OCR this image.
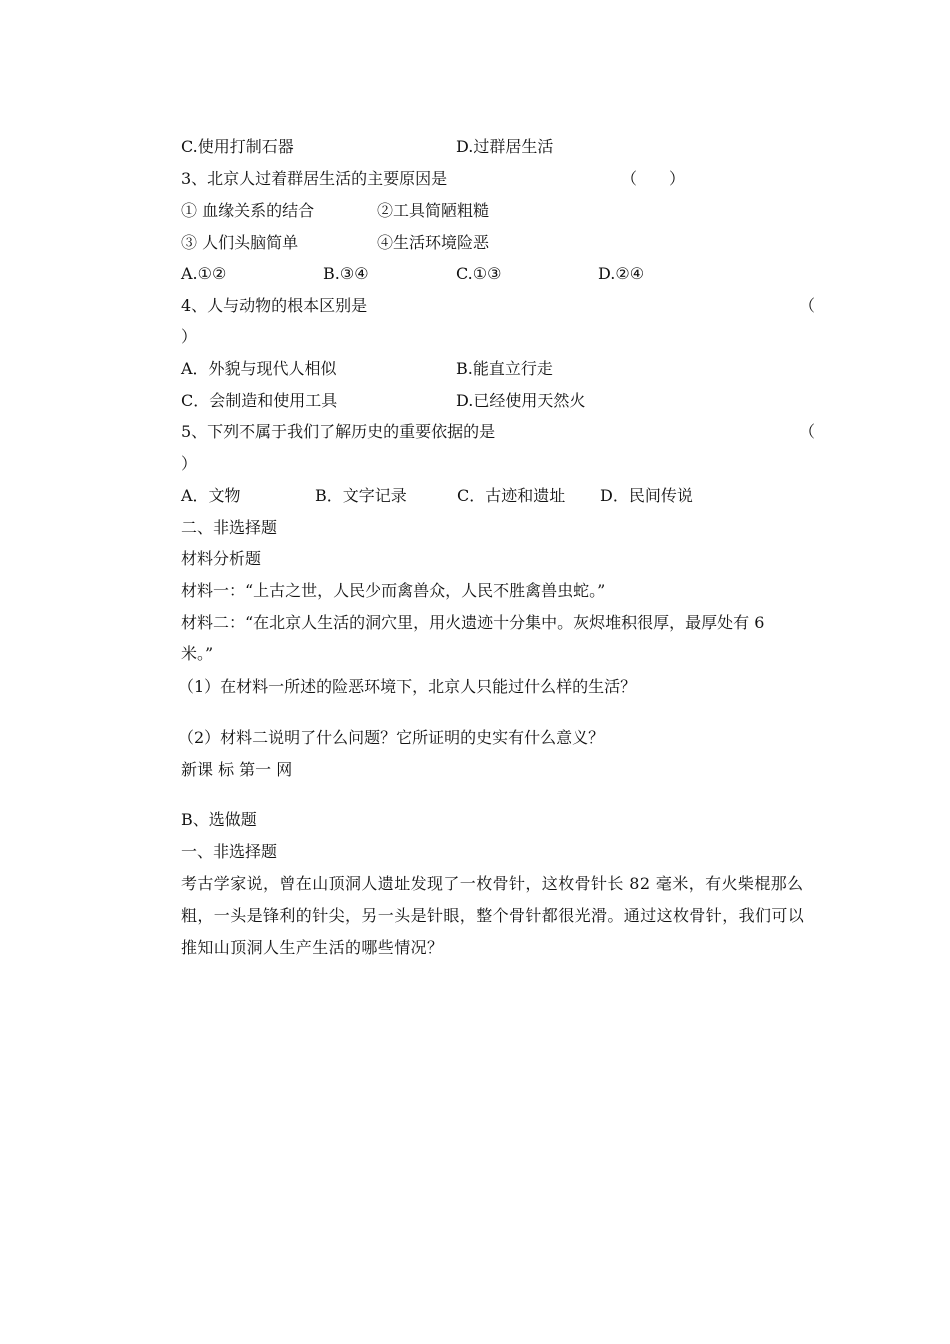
C.使用打制石器	D.过群居生活
3、北京人过着群居生活的主要原因是	（　　）
① 血缘关系的结合	②工具简陋粗糙
③ 人们头脑简单	④生活环境险恶
A.①②	B.③④	C.①③	D.②④
4、人与动物的根本区别是	（
）
A．外貌与现代人相似	B.能直立行走
C．会制造和使用工具	D.已经使用天然火
5、下列不属于我们了解历史的重要依据的是	（
）
A．文物	B．文字记录	C．古迹和遗址 D．民间传说
二、非选择题
材料分析题
材料一：“上古之世，人民少而禽兽众，人民不胜禽兽虫蛇。”
材料二：“在北京人生活的洞穴里，用火遗迹十分集中。灰烬堆积很厚，最厚处有 6
米。”
（1）在材料一所述的险恶环境下，北京人只能过什么样的生活？
（2）材料二说明了什么问题？它所证明的史实有什么意义？
新课 标 第一 网
B、选做题
一、非选择题
考古学家说，曾在山顶洞人遗址发现了一枚骨针，这枚骨针长 82 毫米，有火柴棍那么粗，一头是锋利的针尖，另一头是针眼，整个骨针都很光滑。通过这枚骨针，我们可以推知山顶洞人生产生活的哪些情况？
